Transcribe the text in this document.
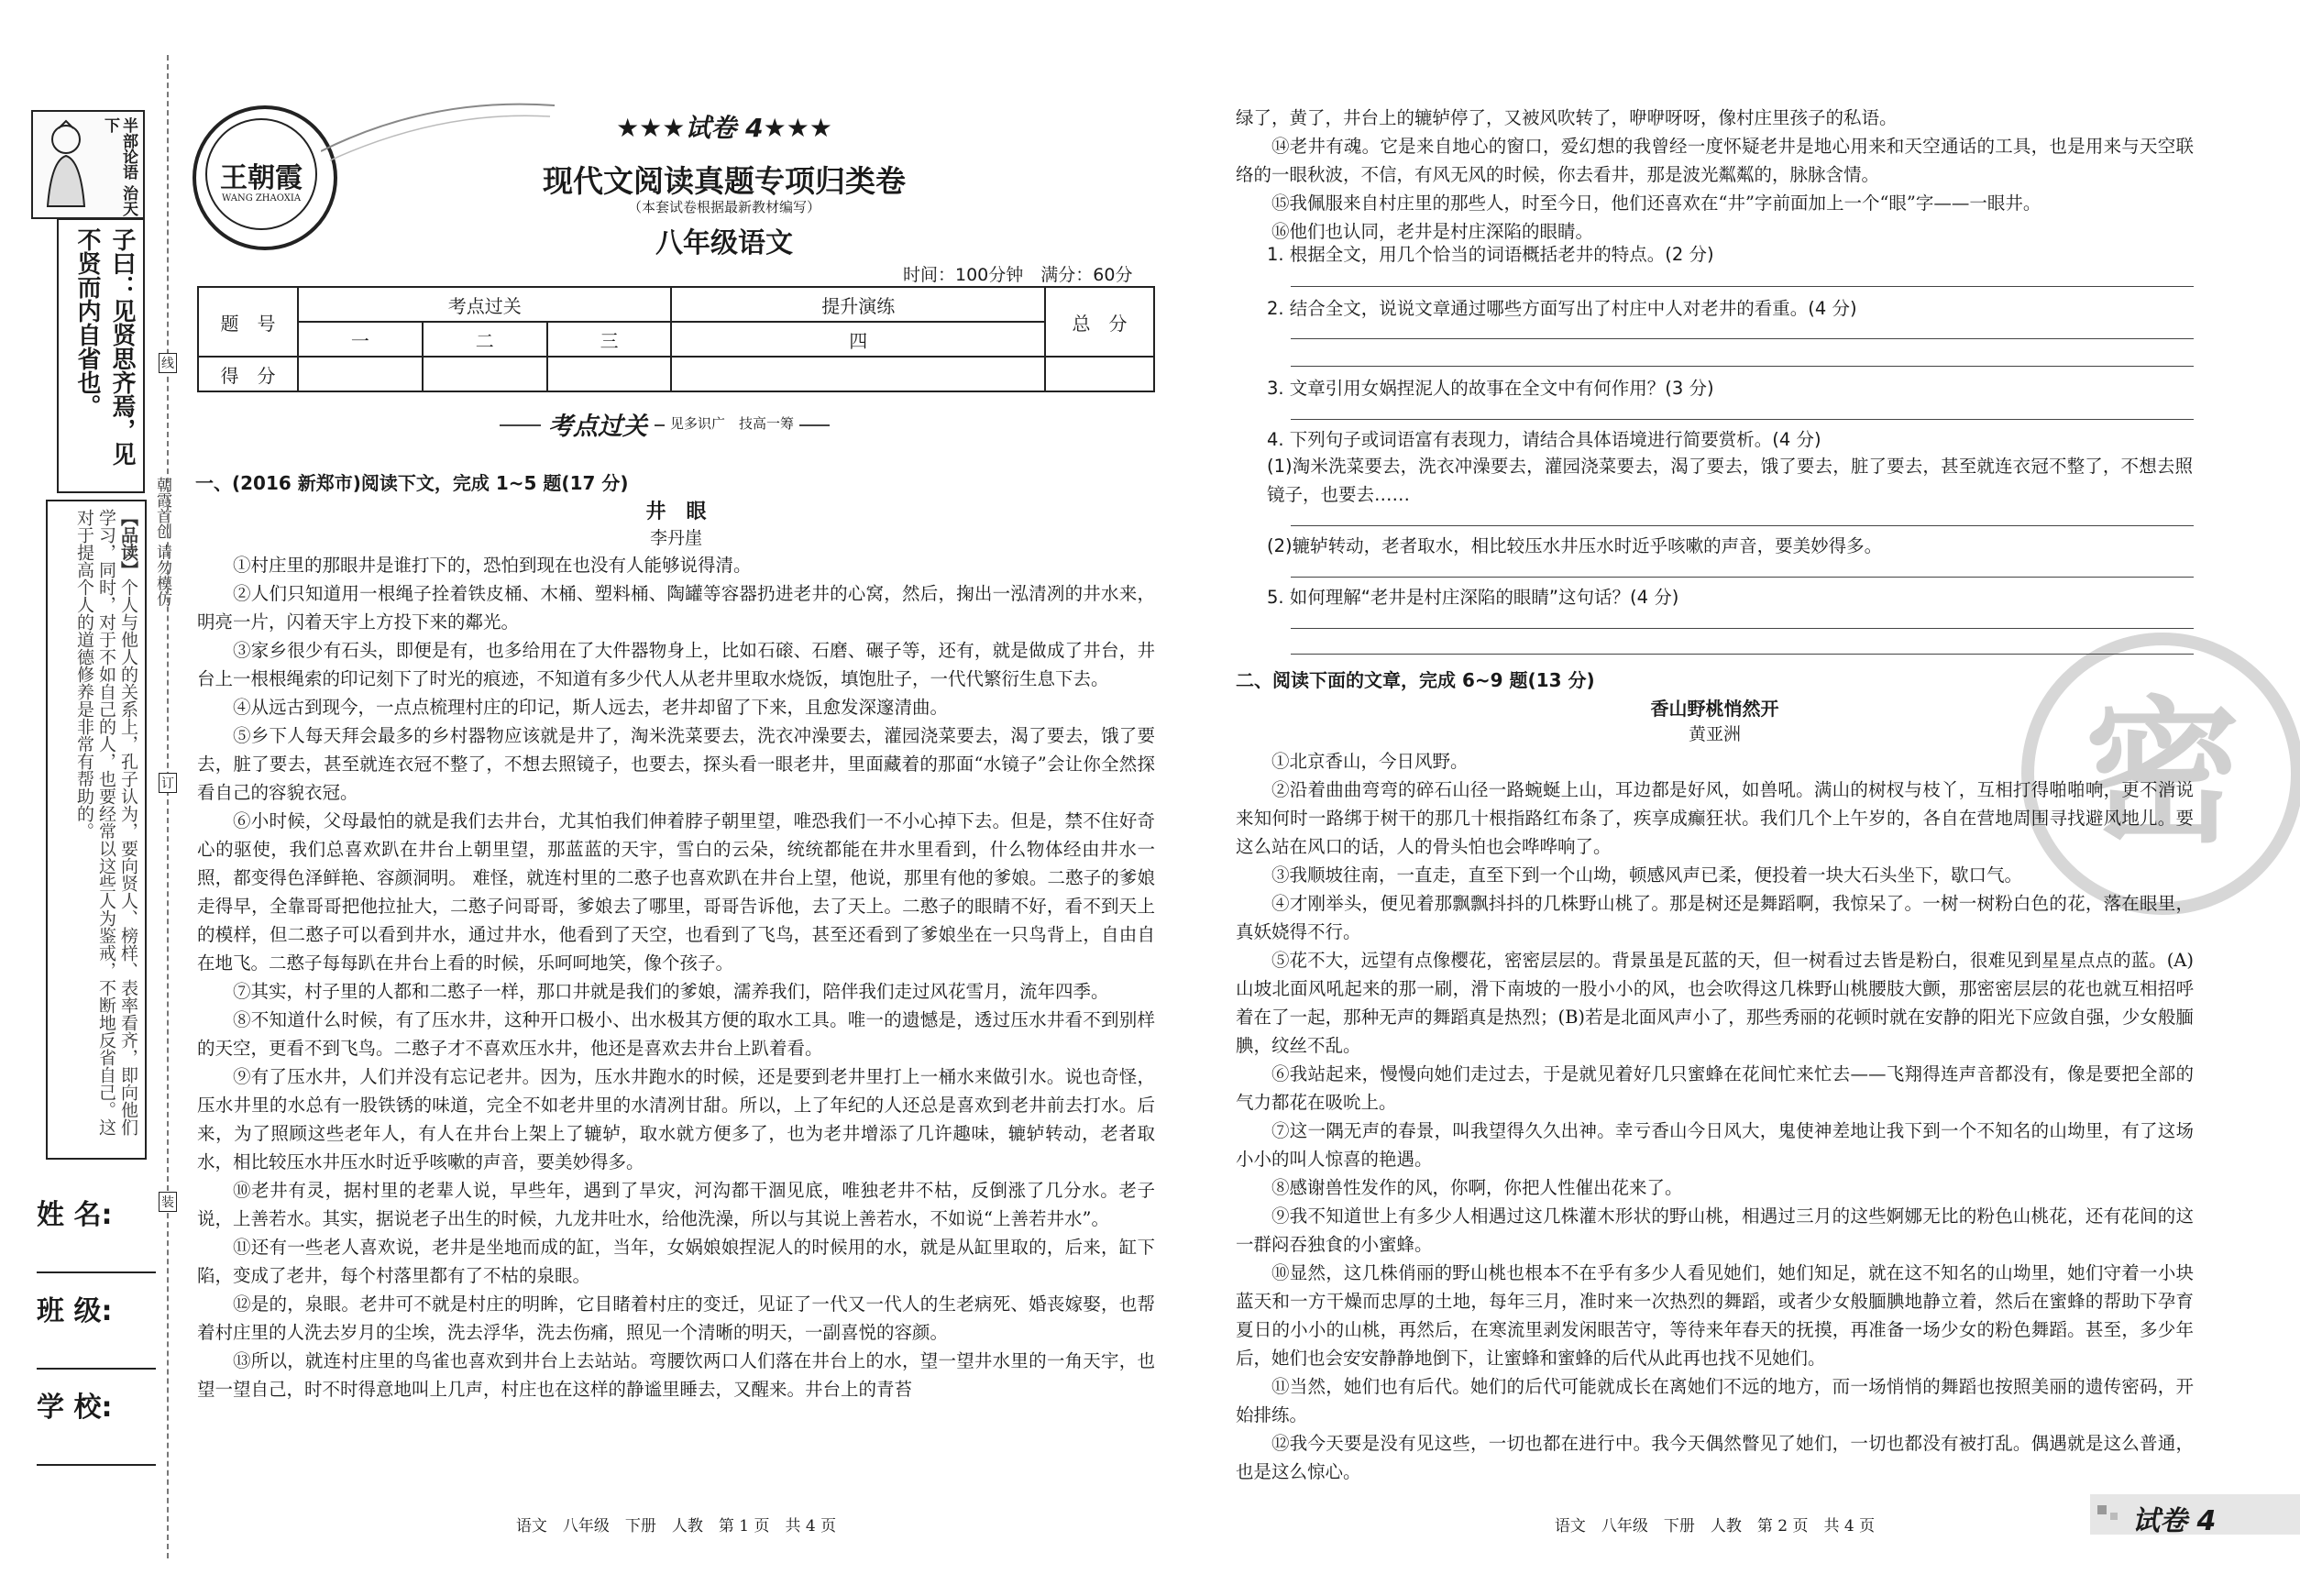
半部论语 治天下
子曰：见贤思齐焉，见不贤而内自省也。
【品读】个人与他人的关系上，孔子认为，要向贤人、榜样、表率看齐，即向他们学习，同时，对于不如自己的人，也要经常以这些人为鉴戒，不断地反省自己。这对于提高个人的道德修养是非常有帮助的。	朝霞首创 请勿模仿
线
订
装
姓 名:
班 级:
学 校:
王朝霞
WANG ZHAOXIA
★★★试卷 4★★★
现代文阅读真题专项归类卷
（本套试卷根据最新教材编写）
八年级语文
时间：100分钟　满分：60分
题　号	考点过关			提升演练	总　分
	一	二	三	四	
得　分					
考点过关	见多识广　技高一筹
一、(2016 新郑市)阅读下文，完成 1~5 题(17 分)
井　眼
李丹崖

①村庄里的那眼井是谁打下的，恐怕到现在也没有人能够说得清。

②人们只知道用一根绳子拴着铁皮桶、木桶、塑料桶、陶罐等容器扔进老井的心窝，然后，掬出一泓清冽的井水来，明亮一片，闪着天宇上方投下来的鄰光。

③家乡很少有石头，即便是有，也多给用在了大件器物身上，比如石磙、石磨、碾子等，还有，就是做成了井台，井台上一根根绳索的印记刻下了时光的痕迹，不知道有多少代人从老井里取水烧饭，填饱肚子，一代代繁衍生息下去。

④从远古到现今，一点点梳理村庄的印记，斯人远去，老井却留了下来，且愈发深邃清曲。

⑤乡下人每天拜会最多的乡村器物应该就是井了，淘米洗菜要去，洗衣冲澡要去，灌园浇菜要去，渴了要去，饿了要去，脏了要去，甚至就连衣冠不整了，不想去照镜子，也要去，探头看一眼老井，里面藏着的那面“水镜子”会让你全然探看自己的容貌衣冠。

⑥小时候，父母最怕的就是我们去井台，尤其怕我们伸着脖子朝里望，唯恐我们一不小心掉下去。但是，禁不住好奇心的驱使，我们总喜欢趴在井台上朝里望，那蓝蓝的天宇，雪白的云朵，统统都能在井水里看到，什么物体经由井水一照，都变得色泽鲜艳、容颜洞明。 难怪，就连村里的二憨子也喜欢趴在井台上望，他说，那里有他的爹娘。二憨子的爹娘走得早，全靠哥哥把他拉扯大，二憨子问哥哥，爹娘去了哪里，哥哥告诉他，去了天上。二憨子的眼睛不好，看不到天上的模样，但二憨子可以看到井水，通过井水，他看到了天空，也看到了飞鸟，甚至还看到了爹娘坐在一只鸟背上，自由自在地飞。二憨子每每趴在井台上看的时候，乐呵呵地笑，像个孩子。

⑦其实，村子里的人都和二憨子一样，那口井就是我们的爹娘，濡养我们，陪伴我们走过风花雪月，流年四季。

⑧不知道什么时候，有了压水井，这种开口极小、出水极其方便的取水工具。唯一的遗憾是，透过压水井看不到别样的天空，更看不到飞鸟。二憨子才不喜欢压水井，他还是喜欢去井台上趴着看。

⑨有了压水井，人们并没有忘记老井。因为，压水井跑水的时候，还是要到老井里打上一桶水来做引水。说也奇怪，压水井里的水总有一股铁锈的味道，完全不如老井里的水清冽甘甜。所以，上了年纪的人还总是喜欢到老井前去打水。后来，为了照顾这些老年人，有人在井台上架上了辘轳，取水就方便多了，也为老井增添了几许趣味，辘轳转动，老者取水，相比较压水井压水时近乎咳嗽的声音，要美妙得多。

⑩老井有灵，据村里的老辈人说，早些年，遇到了旱灾，河沟都干涸见底，唯独老井不枯，反倒涨了几分水。老子说，上善若水。其实，据说老子出生的时候，九龙井吐水，给他洗澡，所以与其说上善若水，不如说“上善若井水”。

⑪还有一些老人喜欢说，老井是坐地而成的缸，当年，女娲娘娘捏泥人的时候用的水，就是从缸里取的，后来，缸下陷，变成了老井，每个村落里都有了不枯的泉眼。

⑫是的，泉眼。老井可不就是村庄的明眸，它目睹着村庄的变迁，见证了一代又一代人的生老病死、婚丧嫁娶，也帮着村庄里的人洗去岁月的尘埃，洗去浮华，洗去伤痛，照见一个清晰的明天，一副喜悦的容颜。

⑬所以，就连村庄里的鸟雀也喜欢到井台上去站站。弯腰饮两口人们落在井台上的水，望一望井水里的一角天宇，也望一望自己，时不时得意地叫上几声，村庄也在这样的静谧里睡去，又醒来。井台上的青苔

语文　八年级　下册　人教　第 1 页　共 4 页
密
绿了，黄了，井台上的辘轳停了，又被风吹转了，咿咿呀呀，像村庄里孩子的私语。

⑭老井有魂。它是来自地心的窗口，爱幻想的我曾经一度怀疑老井是地心用来和天空通话的工具，也是用来与天空联络的一眼秋波，不信，有风无风的时候，你去看井，那是波光粼粼的，脉脉含情。

⑮我佩服来自村庄里的那些人，时至今日，他们还喜欢在“井”字前面加上一个“眼”字——一眼井。

⑯他们也认同，老井是村庄深陷的眼睛。

1. 根据全文，用几个恰当的词语概括老井的特点。(2 分)
2. 结合全文，说说文章通过哪些方面写出了村庄中人对老井的看重。(4 分)
3. 文章引用女娲捏泥人的故事在全文中有何作用？(3 分)
4. 下列句子或词语富有表现力，请结合具体语境进行简要赏析。(4 分)
(1)淘米洗菜要去，洗衣冲澡要去，灌园浇菜要去，渴了要去，饿了要去，脏了要去，甚至就连衣冠不整了，不想去照镜子，也要去……
(2)辘轳转动，老者取水，相比较压水井压水时近乎咳嗽的声音，要美妙得多。
5. 如何理解“老井是村庄深陷的眼睛”这句话？(4 分)
二、阅读下面的文章，完成 6~9 题(13 分)
香山野桃悄然开
黄亚洲

①北京香山，今日风野。

②沿着曲曲弯弯的碎石山径一路蜿蜒上山，耳边都是好风，如兽吼。满山的树杈与枝丫，互相打得啪啪响，更不消说来知何时一路绑于树干的那几十根指路红布条了，疾享成癫狂状。我们几个上午岁的，各自在营地周围寻找避风地儿。要这么站在风口的话，人的骨头怕也会哗哗响了。

③我顺坡往南，一直走，直至下到一个山坳，顿感风声已柔，便投着一块大石头坐下，歇口气。

④才刚举头，便见着那飘飘抖抖的几株野山桃了。那是树还是舞蹈啊，我惊呆了。一树一树粉白色的花，落在眼里，真妖娆得不行。

⑤花不大，远望有点像樱花，密密层层的。背景虽是瓦蓝的天，但一树看过去皆是粉白，很难见到星星点点的蓝。(A)山坡北面风吼起来的那一刷，滑下南坡的一股小小的风，也会吹得这几株野山桃腰肢大颤，那密密层层的花也就互相招呼着在了一起，那种无声的舞蹈真是热烈；(B)若是北面风声小了，那些秀丽的花顿时就在安静的阳光下应敛自强，少女般腼腆，纹丝不乱。

⑥我站起来，慢慢向她们走过去，于是就见着好几只蜜蜂在花间忙来忙去——飞翔得连声音都没有，像是要把全部的气力都花在吸吮上。

⑦这一隅无声的春景，叫我望得久久出神。幸亏香山今日风大，鬼使神差地让我下到一个不知名的山坳里，有了这场小小的叫人惊喜的艳遇。

⑧感谢兽性发作的风，你啊，你把人性催出花来了。

⑨我不知道世上有多少人相遇过这几株灌木形状的野山桃，相遇过三月的这些婀娜无比的粉色山桃花，还有花间的这一群闷吞独食的小蜜蜂。

⑩显然，这几株俏丽的野山桃也根本不在乎有多少人看见她们，她们知足，就在这不知名的山坳里，她们守着一小块蓝天和一方干燥而忠厚的土地，每年三月，准时来一次热烈的舞蹈，或者少女般腼腆地静立着，然后在蜜蜂的帮助下孕育夏日的小小的山桃，再然后，在寒流里剥发闲眼苦守，等待来年春天的抚摸，再准备一场少女的粉色舞蹈。甚至，多少年后，她们也会安安静静地倒下，让蜜蜂和蜜蜂的后代从此再也找不见她们。

⑪当然，她们也有后代。她们的后代可能就成长在离她们不远的地方，而一场悄悄的舞蹈也按照美丽的遗传密码，开始排练。

⑫我今天要是没有见这些，一切也都在进行中。我今天偶然瞥见了她们，一切也都没有被打乱。偶遇就是这么普通，也是这么惊心。

语文　八年级　下册　人教　第 2 页　共 4 页	试卷 4
